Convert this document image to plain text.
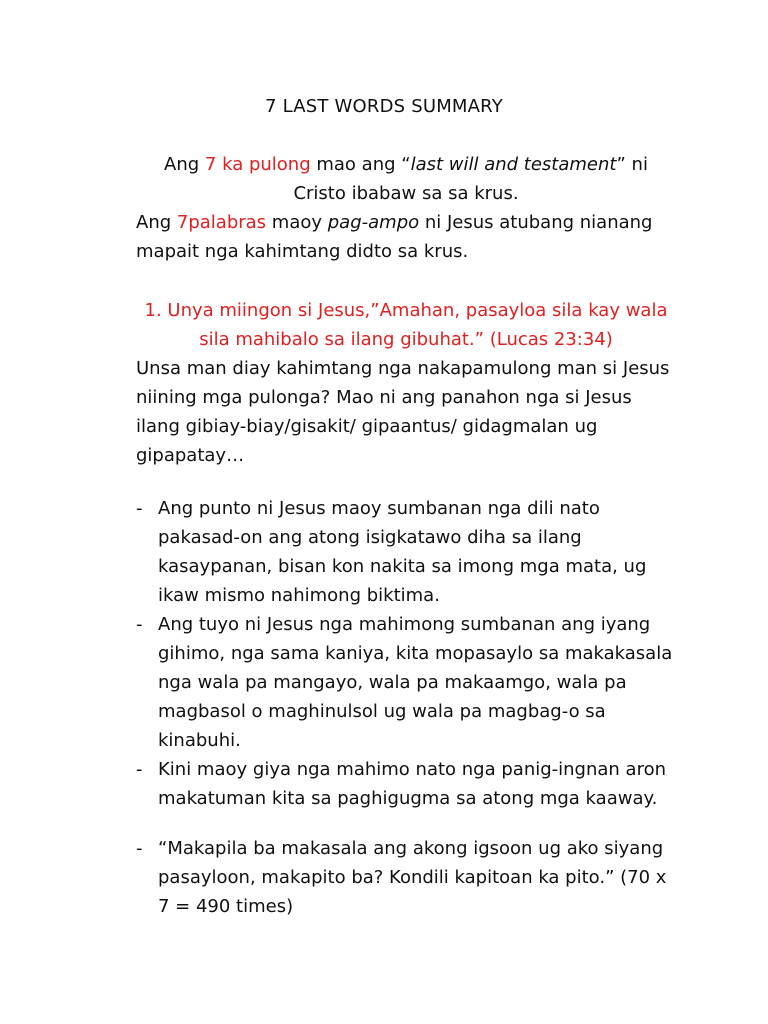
7 LAST WORDS SUMMARY
Ang 7 ka pulong mao ang “last will and testament” ni
Cristo ibabaw sa sa krus.
Ang 7palabras maoy pag-ampo ni Jesus atubang nianang mapait nga kahimtang didto sa krus.
1. Unya miingon si Jesus,”Amahan, pasayloa sila kay wala sila mahibalo sa ilang gibuhat.” (Lucas 23:34)
Unsa man diay kahimtang nga nakapamulong man si Jesus niining mga pulonga? Mao ni ang panahon nga si Jesus ilang gibiay-biay/gisakit/ gipaantus/ gidagmalan ug gipapatay…
- Ang punto ni Jesus maoy sumbanan nga dili nato pakasad-on ang atong isigkatawo diha sa ilang kasaypanan, bisan kon nakita sa imong mga mata, ug ikaw mismo nahimong biktima.
- Ang tuyo ni Jesus nga mahimong sumbanan ang iyang gihimo, nga sama kaniya, kita mopasaylo sa makakasala nga wala pa mangayo, wala pa makaamgo, wala pa magbasol o maghinulsol ug wala pa magbag-o sa kinabuhi.
- Kini maoy giya nga mahimo nato nga panig-ingnan aron makatuman kita sa paghigugma sa atong mga kaaway.
- “Makapila ba makasala ang akong igsoon ug ako siyang pasayloon, makapito ba? Kondili kapitoan ka pito.” (70 x 7 = 490 times)
